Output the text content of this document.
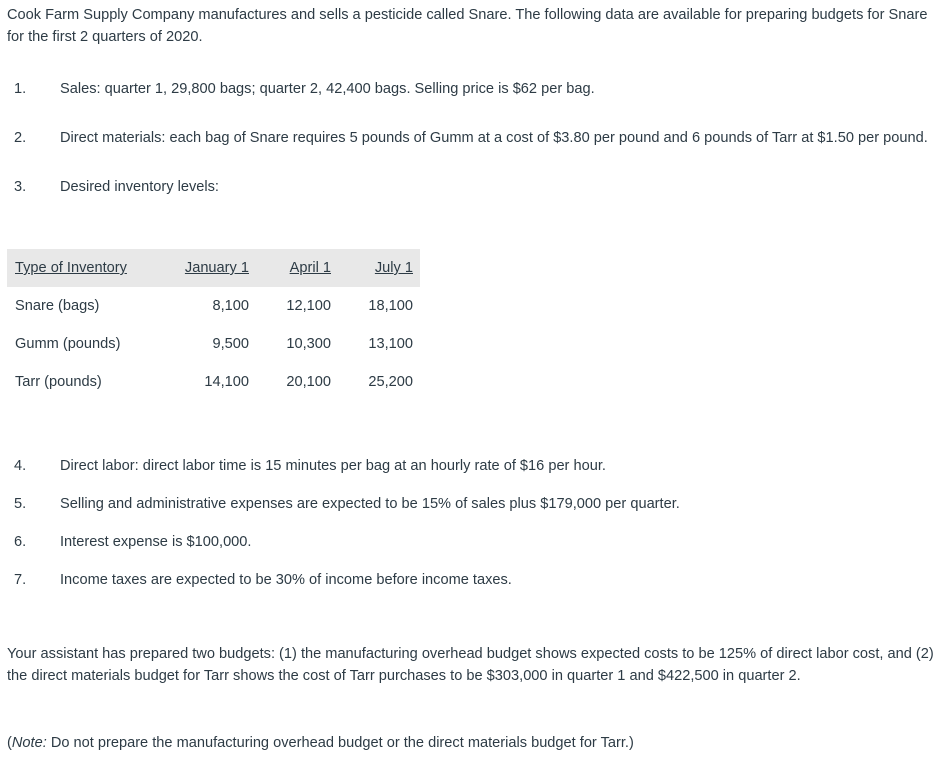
Cook Farm Supply Company manufactures and sells a pesticide called Snare. The following data are available for preparing budgets for Snare for the first 2 quarters of 2020.

1.	Sales: quarter 1, 29,800 bags; quarter 2, 42,400 bags. Selling price is $62 per bag.
2.	Direct materials: each bag of Snare requires 5 pounds of Gumm at a cost of $3.80 per pound and 6 pounds of Tarr at $1.50 per pound.
3.	Desired inventory levels:
Type of Inventory	January 1	April 1	July 1
Snare (bags)	8,100	12,100	18,100
Gumm (pounds)	9,500	10,300	13,100
Tarr (pounds)	14,100	20,100	25,200
4.	Direct labor: direct labor time is 15 minutes per bag at an hourly rate of $16 per hour.
5.	Selling and administrative expenses are expected to be 15% of sales plus $179,000 per quarter.
6.	Interest expense is $100,000.
7.	Income taxes are expected to be 30% of income before income taxes.

Your assistant has prepared two budgets: (1) the manufacturing overhead budget shows expected costs to be 125% of direct labor cost, and (2) the direct materials budget for Tarr shows the cost of Tarr purchases to be $303,000 in quarter 1 and $422,500 in quarter 2.

(Note: Do not prepare the manufacturing overhead budget or the direct materials budget for Tarr.)
